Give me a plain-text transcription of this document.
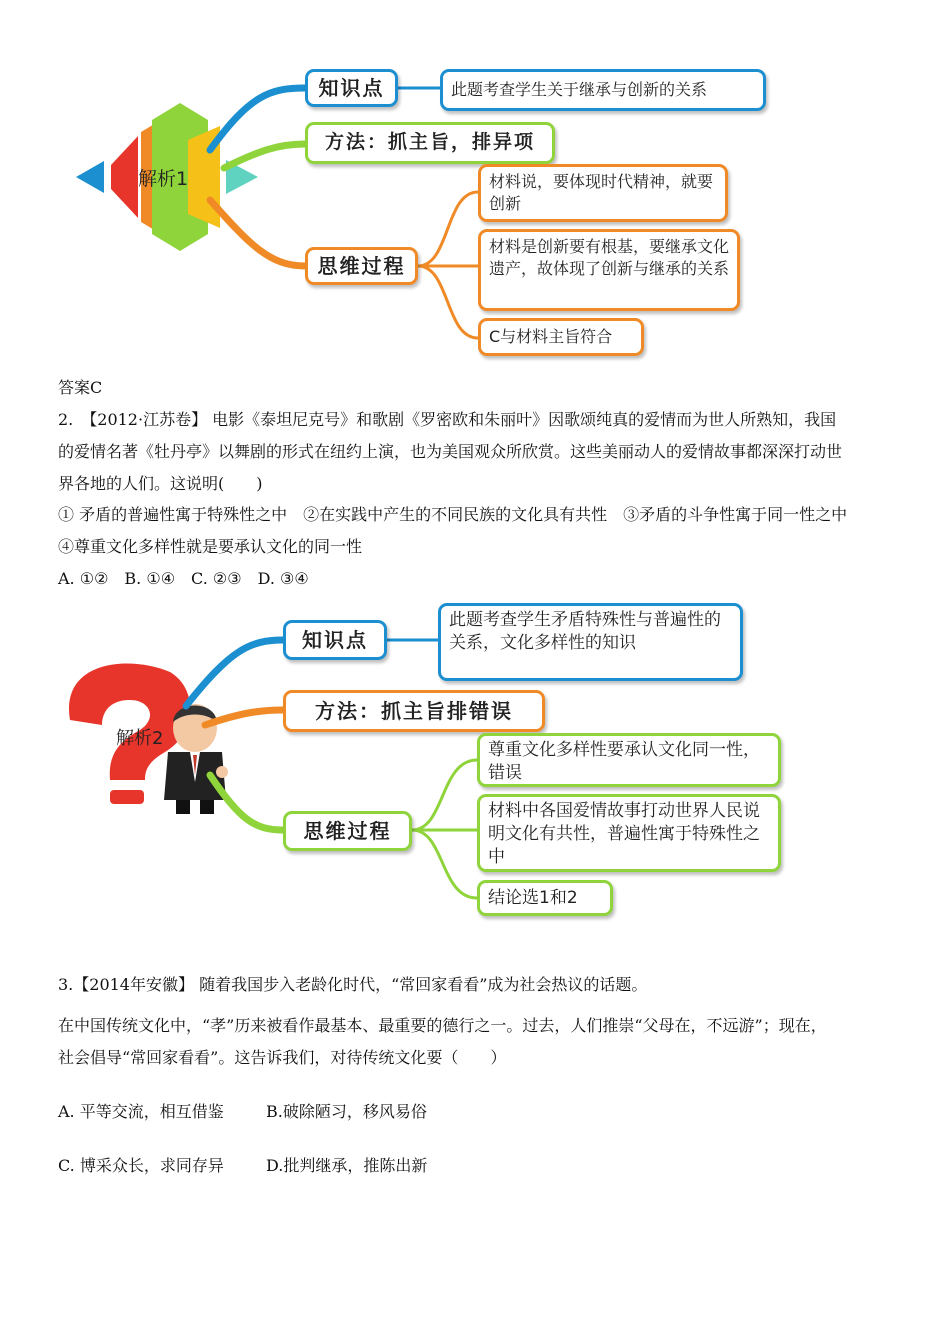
解析1
知识点	此题考查学生关于继承与创新的关系
方法：抓主旨，排异项
思维过程
材料说，要体现时代精神，就要创新
材料是创新要有根基，要继承文化遗产，故体现了创新与继承的关系
C与材料主旨符合
答案C
2.　【2012·江苏卷】 电影《泰坦尼克号》和歌剧《罗密欧和朱丽叶》因歌颂纯真的爱情而为世人所熟知，我国
的爱情名著《牡丹亭》以舞剧的形式在纽约上演，也为美国观众所欣赏。这些美丽动人的爱情故事都深深打动世
界各地的人们。这说明(　　)
① 矛盾的普遍性寓于特殊性之中　②在实践中产生的不同民族的文化具有共性　③矛盾的斗争性寓于同一性之中
④尊重文化多样性就是要承认文化的同一性
A. ①②　B. ①④　C. ②③　D. ③④
解析2
知识点
此题考查学生矛盾特殊性与普遍性的关系，文化多样性的知识
方法：抓主旨排错误
思维过程
尊重文化多样性要承认文化同一性，错误
材料中各国爱情故事打动世界人民说明文化有共性，普遍性寓于特殊性之中
结论选1和2
3.【2014年安徽】 随着我国步入老龄化时代，“常回家看看”成为社会热议的话题。
在中国传统文化中，“孝”历来被看作最基本、最重要的德行之一。过去，人们推崇“父母在，不远游”；现在，
社会倡导“常回家看看”。这告诉我们，对待传统文化要（　　）
A. 平等交流，相互借鉴	B.破除陋习，移风易俗
C. 博采众长，求同存异	D.批判继承，推陈出新
